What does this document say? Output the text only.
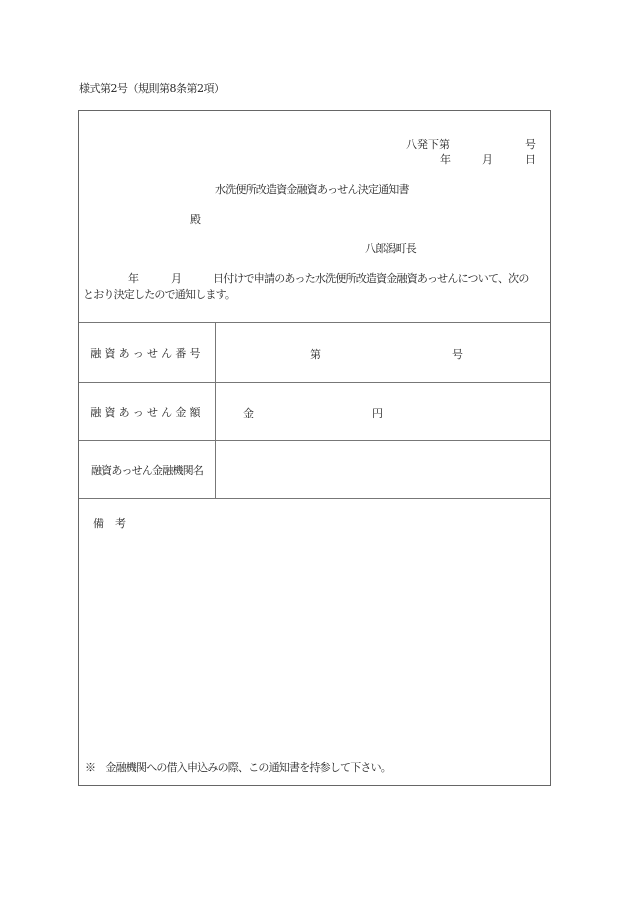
様式第2号（規則第8条第2項）
八発下第	号
年	月	日
水洗便所改造資金融資あっせん決定通知書
殿
八郎潟町長
年	月	日付けで申請のあった水洗便所改造資金融資あっせんについて、次の
とおり決定したので通知します。
融資あっせん番号	第	号
融資あっせん金額	金	円
融資あっせん金融機関名
備　考
※　金融機関への借入申込みの際、この通知書を持参して下さい。
